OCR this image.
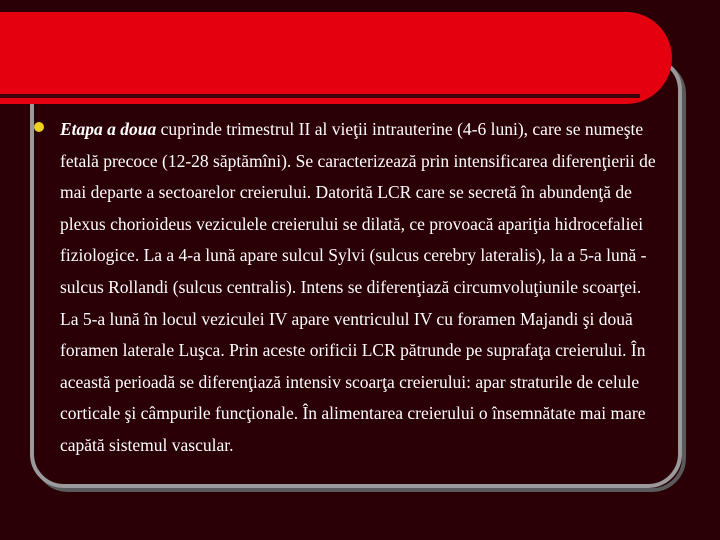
Etapa a doua cuprinde trimestrul II al vieţii intrauterine (4-6 luni), care se numeşte fetală precoce (12-28 săptămîni). Se caracterizează prin intensificarea diferenţierii de mai departe a sectoarelor creierului. Datorită LCR care se secretă în abundenţă de plexus chorioideus veziculele creierului se dilată, ce provoacă apariţia hidrocefaliei fiziologice. La a 4-a lună apare sulcul Sylvi (sulcus cerebry lateralis), la a 5-a lună - sulcus Rollandi (sulcus centralis). Intens se diferenţiază circumvoluţiunile scoarţei. La 5-a lună în locul veziculei IV apare ventriculul IV cu foramen Majandi şi două foramen laterale Luşca. Prin aceste orificii LCR pătrunde pe suprafaţa creierului. În această perioadă se diferenţiază intensiv scoarţa creierului: apar straturile de celule corticale şi câmpurile funcţionale. În alimentarea creierului o însemnătate mai mare capătă sistemul vascular.
